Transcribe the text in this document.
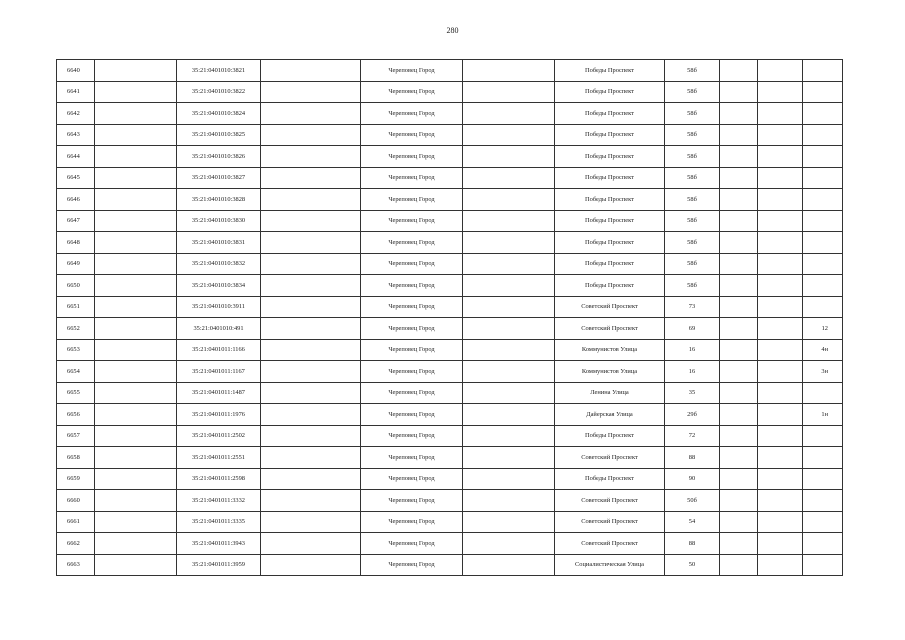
280
6640		35:21:0401010:3821		Череповец Город		Победы Проспект	58б			
6641		35:21:0401010:3822		Череповец Город		Победы Проспект	58б			
6642		35:21:0401010:3824		Череповец Город		Победы Проспект	58б			
6643		35:21:0401010:3825		Череповец Город		Победы Проспект	58б			
6644		35:21:0401010:3826		Череповец Город		Победы Проспект	58б			
6645		35:21:0401010:3827		Череповец Город		Победы Проспект	58б			
6646		35:21:0401010:3828		Череповец Город		Победы Проспект	58б			
6647		35:21:0401010:3830		Череповец Город		Победы Проспект	58б			
6648		35:21:0401010:3831		Череповец Город		Победы Проспект	58б			
6649		35:21:0401010:3832		Череповец Город		Победы Проспект	58б			
6650		35:21:0401010:3834		Череповец Город		Победы Проспект	58б			
6651		35:21:0401010:3911		Череповец Город		Советский Проспект	73			
6652		35:21:0401010:491		Череповец Город		Советский Проспект	69			12
6653		35:21:0401011:1166		Череповец Город		Коммунистов Улица	16			4н
6654		35:21:0401011:1167		Череповец Город		Коммунистов Улица	16			3н
6655		35:21:0401011:1487		Череповец Город		Ленина Улица	35			
6656		35:21:0401011:1976		Череповец Город		Дайерская Улица	29б			1н
6657		35:21:0401011:2502		Череповец Город		Победы Проспект	72			
6658		35:21:0401011:2551		Череповец Город		Советский Проспект	88			
6659		35:21:0401011:2598		Череповец Город		Победы Проспект	90			
6660		35:21:0401011:3332		Череповец Город		Советский Проспект	50б			
6661		35:21:0401011:3335		Череповец Город		Советский Проспект	54			
6662		35:21:0401011:3943		Череповец Город		Советский Проспект	88			
6663		35:21:0401011:3959		Череповец Город		Социалистическая Улица	50			
